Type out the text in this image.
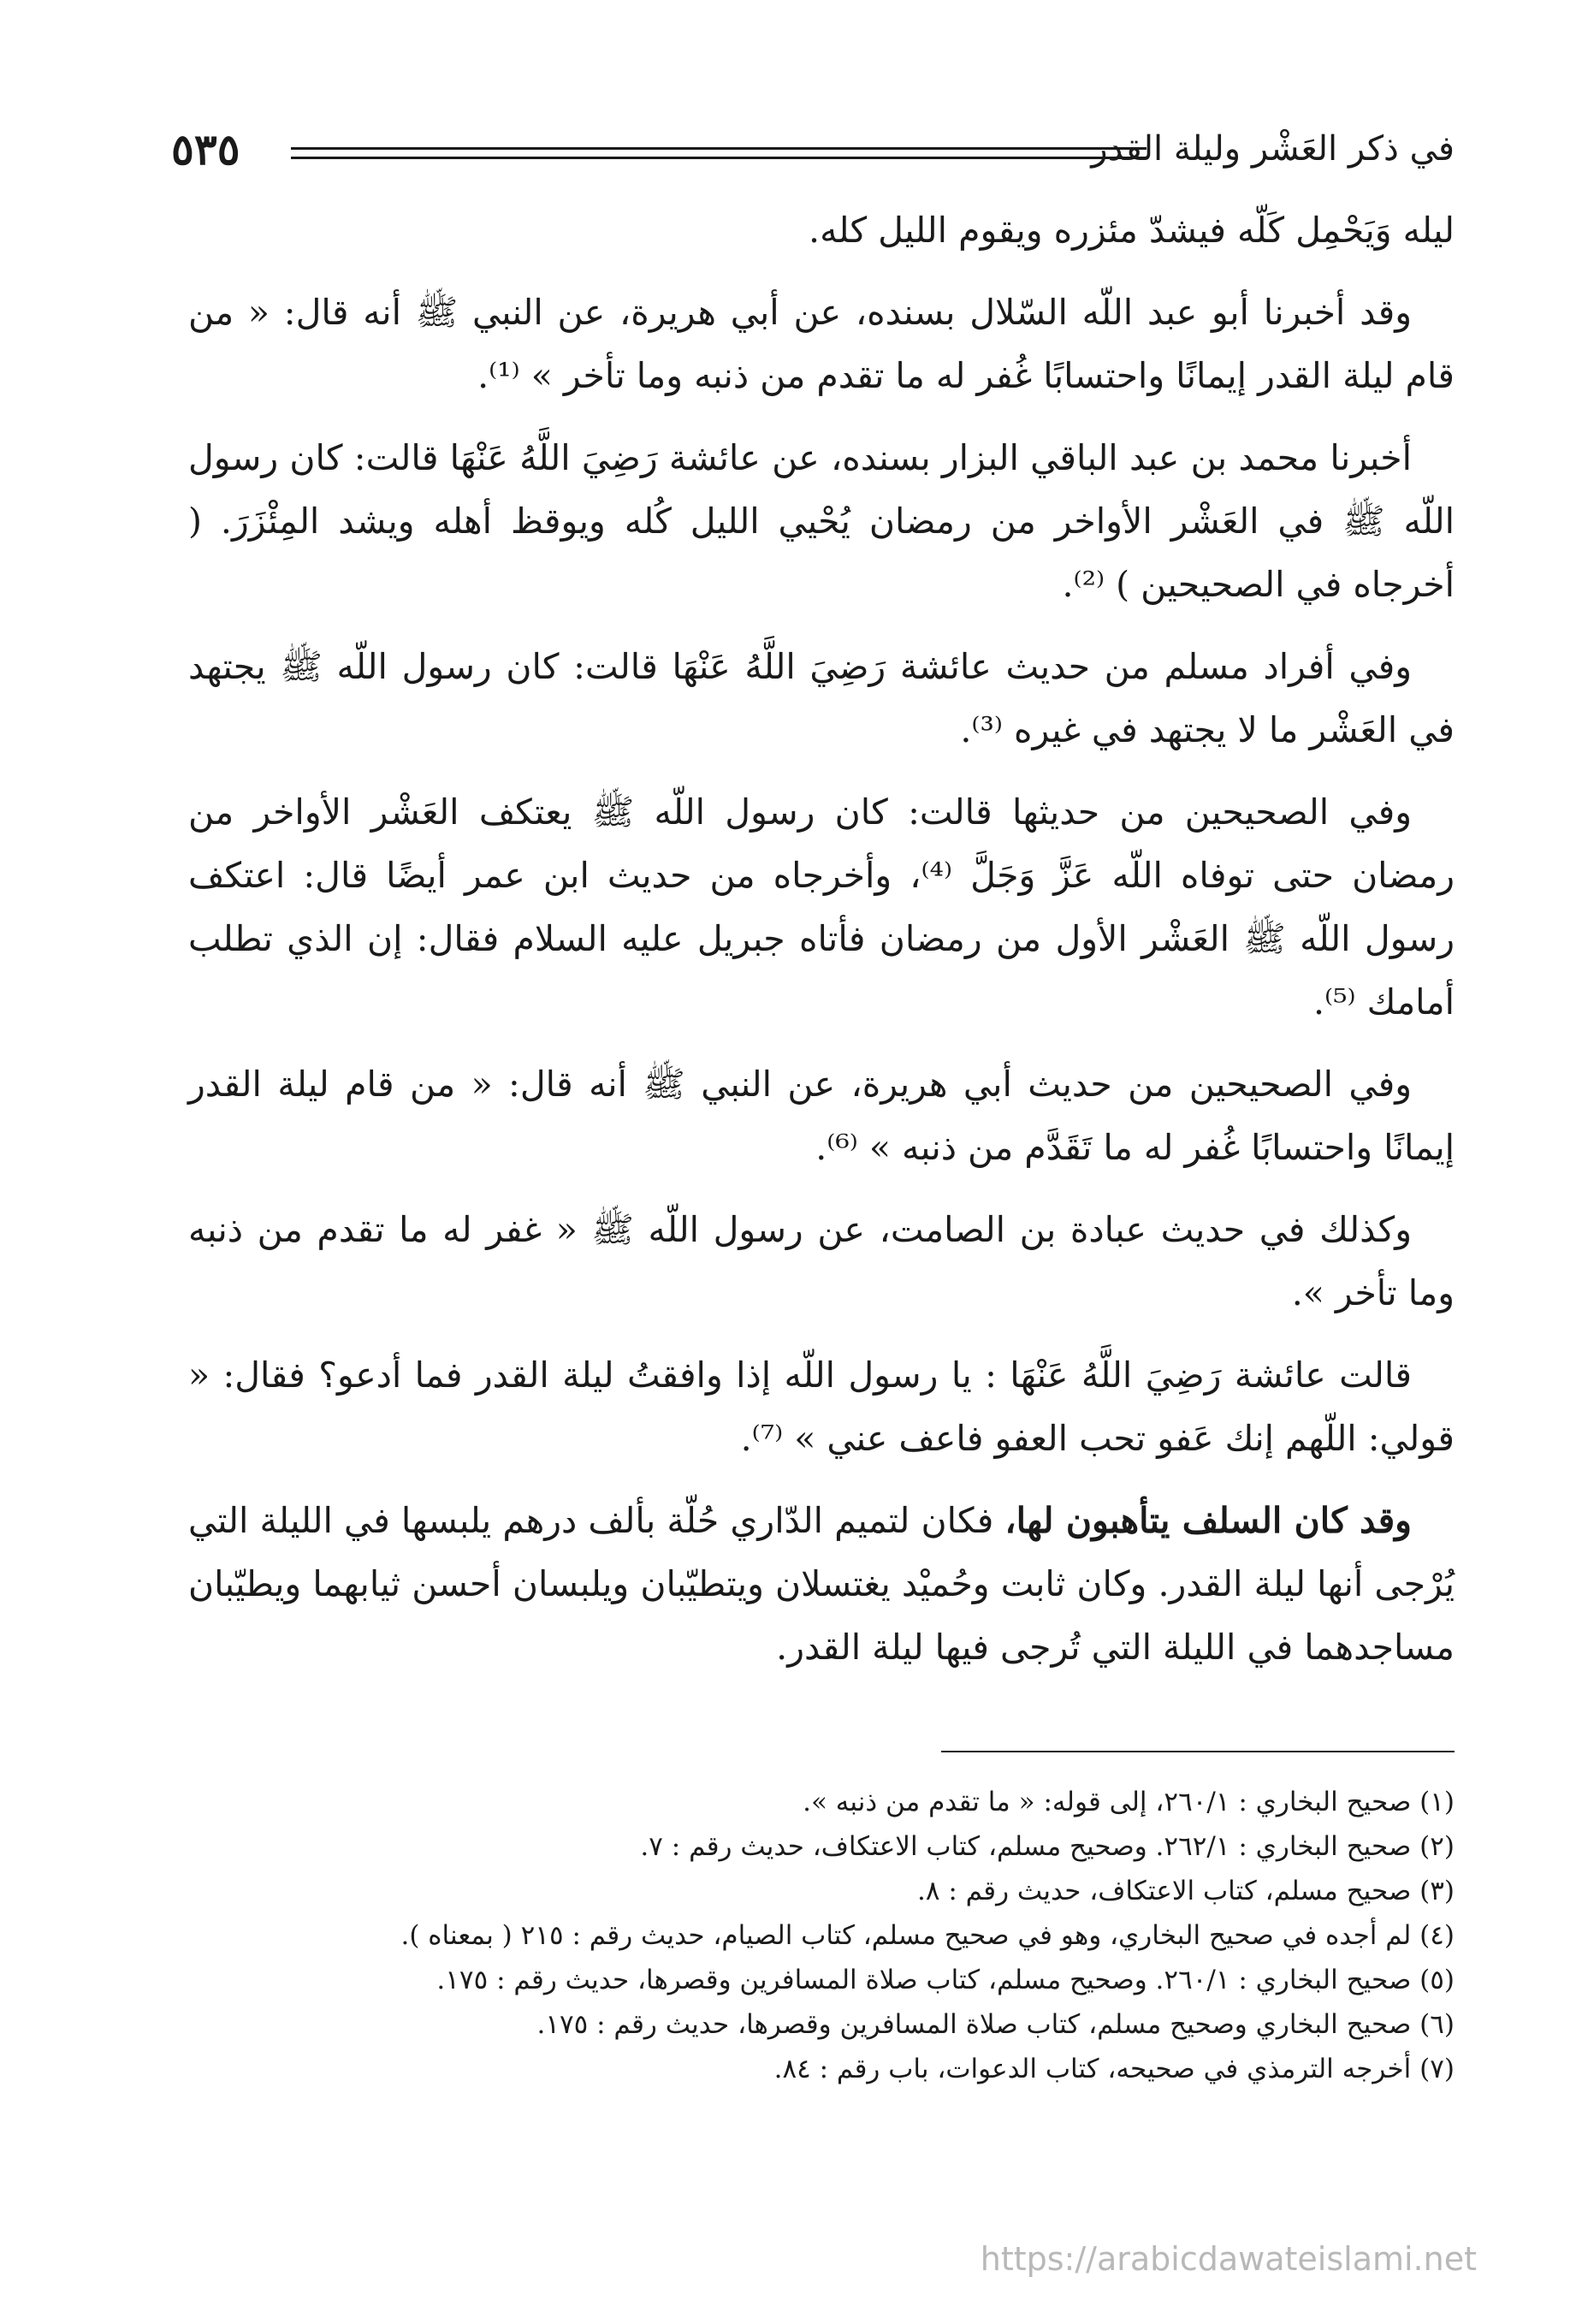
في ذكر العَشْر وليلة القدر
٥٣٥

ليله وَيَحْمِل كَلّه فيشدّ مئزره ويقوم الليل كله.

وقد أخبرنا أبو عبد اللّه السّلال بسنده، عن أبي هريرة، عن النبي ﷺ أنه قال: « من قام ليلة القدر إيمانًا واحتسابًا غُفر له ما تقدم من ذنبه وما تأخر » ⁽¹⁾.

أخبرنا محمد بن عبد الباقي البزار بسنده، عن عائشة رَضِيَ اللَّهُ عَنْهَا قالت: كان رسول اللّه ﷺ في العَشْر الأواخر من رمضان يُحْيي الليل كُله ويوقظ أهله ويشد المِئْزَرَ. ( أخرجاه في الصحيحين ) ⁽²⁾.

وفي أفراد مسلم من حديث عائشة رَضِيَ اللَّهُ عَنْهَا قالت: كان رسول اللّه ﷺ يجتهد في العَشْر ما لا يجتهد في غيره ⁽³⁾.

وفي الصحيحين من حديثها قالت: كان رسول اللّه ﷺ يعتكف العَشْر الأواخر من رمضان حتى توفاه اللّه عَزَّ وَجَلَّ ⁽⁴⁾، وأخرجاه من حديث ابن عمر أيضًا قال: اعتكف رسول اللّه ﷺ العَشْر الأول من رمضان فأتاه جبريل عليه السلام فقال: إن الذي تطلب أمامك ⁽⁵⁾.

وفي الصحيحين من حديث أبي هريرة، عن النبي ﷺ أنه قال: « من قام ليلة القدر إيمانًا واحتسابًا غُفر له ما تَقَدَّم من ذنبه » ⁽⁶⁾.

وكذلك في حديث عبادة بن الصامت، عن رسول اللّه ﷺ « غفر له ما تقدم من ذنبه وما تأخر ».

قالت عائشة رَضِيَ اللَّهُ عَنْهَا : يا رسول اللّه إذا وافقتُ ليلة القدر فما أدعو؟ فقال: « قولي: اللّهم إنك عَفو تحب العفو فاعف عني » ⁽⁷⁾.

وقد كان السلف يتأهبون لها، فكان لتميم الدّاري حُلّة بألف درهم يلبسها في الليلة التي يُرْجى أنها ليلة القدر. وكان ثابت وحُميْد يغتسلان ويتطيّبان ويلبسان أحسن ثيابهما ويطيّبان مساجدهما في الليلة التي تُرجى فيها ليلة القدر.

(١) صحيح البخاري : ٢٦٠/١، إلى قوله: « ما تقدم من ذنبه ».

(٢) صحيح البخاري : ٢٦٢/١. وصحيح مسلم، كتاب الاعتكاف، حديث رقم : ٧.

(٣) صحيح مسلم، كتاب الاعتكاف، حديث رقم : ٨.

(٤) لم أجده في صحيح البخاري، وهو في صحيح مسلم، كتاب الصيام، حديث رقم : ٢١٥ ( بمعناه ).

(٥) صحيح البخاري : ٢٦٠/١. وصحيح مسلم، كتاب صلاة المسافرين وقصرها، حديث رقم : ١٧٥.

(٦) صحيح البخاري وصحيح مسلم، كتاب صلاة المسافرين وقصرها، حديث رقم : ١٧٥.

(٧) أخرجه الترمذي في صحيحه، كتاب الدعوات، باب رقم : ٨٤.

https://arabicdawateislami.net
